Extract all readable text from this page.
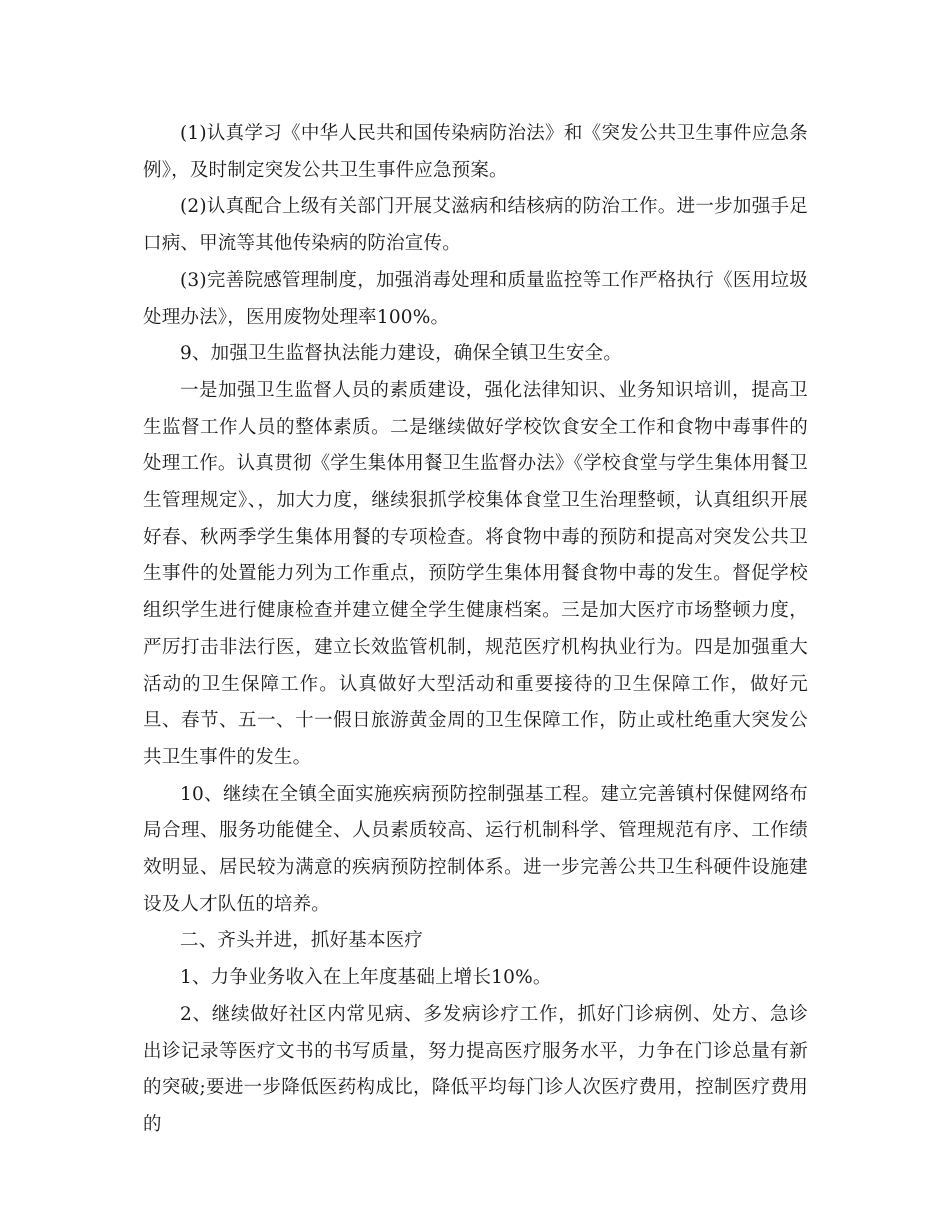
(1)认真学习《中华人民共和国传染病防治法》和《突发公共卫生事件应急条例》，及时制定突发公共卫生事件应急预案。

(2)认真配合上级有关部门开展艾滋病和结核病的防治工作。进一步加强手足口病、甲流等其他传染病的防治宣传。

(3)完善院感管理制度，加强消毒处理和质量监控等工作严格执行《医用垃圾处理办法》，医用废物处理率100%。

9、加强卫生监督执法能力建设，确保全镇卫生安全。

一是加强卫生监督人员的素质建设，强化法律知识、业务知识培训，提高卫生监督工作人员的整体素质。二是继续做好学校饮食安全工作和食物中毒事件的处理工作。认真贯彻《学生集体用餐卫生监督办法》《学校食堂与学生集体用餐卫生管理规定》、，加大力度，继续狠抓学校集体食堂卫生治理整顿，认真组织开展好春、秋两季学生集体用餐的专项检查。将食物中毒的预防和提高对突发公共卫生事件的处置能力列为工作重点，预防学生集体用餐食物中毒的发生。督促学校组织学生进行健康检查并建立健全学生健康档案。三是加大医疗市场整顿力度，严厉打击非法行医，建立长效监管机制，规范医疗机构执业行为。四是加强重大活动的卫生保障工作。认真做好大型活动和重要接待的卫生保障工作，做好元旦、春节、五一、十一假日旅游黄金周的卫生保障工作，防止或杜绝重大突发公共卫生事件的发生。

10、继续在全镇全面实施疾病预防控制强基工程。建立完善镇村保健网络布局合理、服务功能健全、人员素质较高、运行机制科学、管理规范有序、工作绩效明显、居民较为满意的疾病预防控制体系。进一步完善公共卫生科硬件设施建设及人才队伍的培养。

二、齐头并进，抓好基本医疗

1、力争业务收入在上年度基础上增长10%。

2、继续做好社区内常见病、多发病诊疗工作，抓好门诊病例、处方、急诊出诊记录等医疗文书的书写质量，努力提高医疗服务水平，力争在门诊总量有新的突破;要进一步降低医药构成比，降低平均每门诊人次医疗费用，控制医疗费用的
